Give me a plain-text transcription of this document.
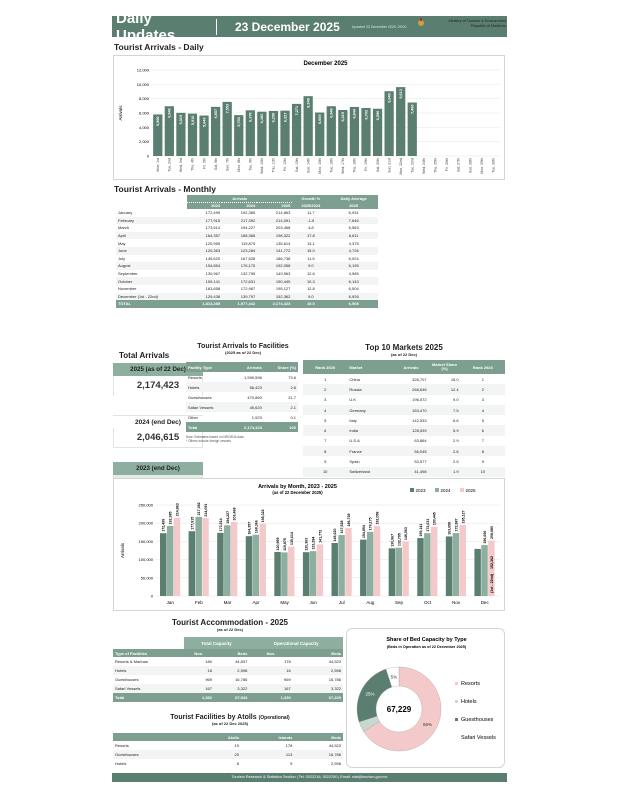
Daily Updates	23 December 2025	Updated 23 December 2025, 09:00
Ministry of Tourism & Environment
Republic of Maldives
Tourist Arrivals - Daily
December 2025
Arrivals
0
2,000
4,000
6,000
8,000
10,000
12,000
5,800
Mon, 1st
6,946
Tue, 2nd
6,019
Wed, 3rd
5,910
Thu, 4th
5,649
Fri, 5th
6,857
Sat, 6th
7,553
Sun, 7th
5,703
Mon, 8th
6,376
Tue, 9th
6,182
Wed, 10th
6,290
Thu, 11th
6,327
Fri, 12th
7,271
Sat, 13th
8,348
Sun, 14th
6,069
Mon, 15th
6,946
Tue, 16th
6,419
Wed, 17th
6,844
Thu, 18th
6,703
Fri, 19th
6,596
Sat, 20th
9,040
Sun, 21st
9,613
Mon, 22nd
7,460
Tue, 23rd Wed, 24th Thu, 25th Fri, 26th Sat, 27th Sun, 28th Mon, 29th Tue, 30th
Tourist Arrivals - Monthly
	Arrivals			Growth %	Daily Average
	2023	2024	2025	2025/2024	2025
January	172,499	192,385	214,863	11.7	6,931
February	177,915	217,392	214,091	-1.5	7,646
March	173,514	194,227	203,468	4.8	6,563
April	164,357	168,366	198,322	17.8	6,611
May	120,959	119,875	135,614	13.1	4,375
June	120,363	123,284	141,772	15.0	4,726
July	145,620	167,528	186,738	11.5	6,024
August	154,854	176,175	192,058	9.0	6,195
September	130,967	132,795	149,563	12.6	4,985
October	159,141	172,631	190,445	10.3	6,143
November	163,658	172,987	195,127	12.8	6,504
December (1st - 22nd)	129,438	139,797	152,362	9.0	6,926
TOTAL	1,813,285	1,977,442	2,174,423	10.0	6,508
Total Arrivals
2025 (as of 22 Dec)
2,174,423
2024 (end Dec)
2,046,615
2023 (end Dec)
Tourist Arrivals to Facilities
(2025 as of 22 Dec)
Facility Type	Arrivals	Share (%)
Resorts	1,599,596	73.6
Hotels	56,423	2.6
Guesthouses	470,860	21.7
Safari Vessels	45,620	2.1
Other	1,923	0.1
Total	2,174,423	100
Note: Estimates based on NRO/IDA data
* Others include foreign vessels
Top 10 Markets 2025
(as of 22 Dec)
Rank 2025	Market	Arrivals	Market Share (%)	Rank 2024
1	China	326,707	15.0	1
2	Russia	268,646	12.4	2
3	U.K	196,572	9.0	3
4	Germany	163,470	7.5	4
5	Italy	142,533	6.6	5
6	India	128,539	5.9	6
7	U.S.A	63,864	2.9	7
8	France	56,045	2.6	8
9	Spain	53,577	2.5	9
10	Switzerland	41,498	1.9	10
Arrivals by Month, 2023 - 2025
(as of 22 December 2025)
Arrivals
2023	2024	2025
0
50,000
100,000
150,000
200,000
250,000
172,499
192,385
214,863
Jan
177,915
217,392 214,091
Feb
173,514
194,227 203,468
Mar
164,357 168,366
198,322
Apr
120,959 119,875 135,614
May
120,363 123,284
141,772
Jun
145,620
167,528
186,738
Jul
154,854
176,175 192,058
Aug
130,967 132,795 149,563
Sep
159,141 172,631 190,445
Oct
163,658 172,987
195,127
Nov
196,696 208,980
Dec
(1st - 22nd)
152,362
Tourist Accommodation - 2025
(as of 22 Dec)
	Total Capacity		Operational Capacity	
Type of Facilities	Nos.	Beds	Nos.	Beds
Resorts & Marinas	180	44,837	178	44,523
Hotels	16	2,598	16	2,598
Guesthouses	969	16,786	969	16,786
Safari Vessels	167	3,322	167	3,322
Total	1,332	67,543	1,330	67,229
Tourist Facilities by Atolls (Operational)
(as of 22 Dec 2025)
	Atolls	Islands	Beds
Resorts	19	178	44,523
Guesthouses	20	113	16,786
Hotels	8	9	2,598
Share of Bed Capacity by Type
(Beds in Operation as of 22 December 2025)
66%
25%
5%
67,229
Resorts
Hotels
Guesthouses
Safari Vessels
Tourism Research & Statistics Section | Tel: 3022216, 3022250 | Email: stat@tourism.gov.mv
